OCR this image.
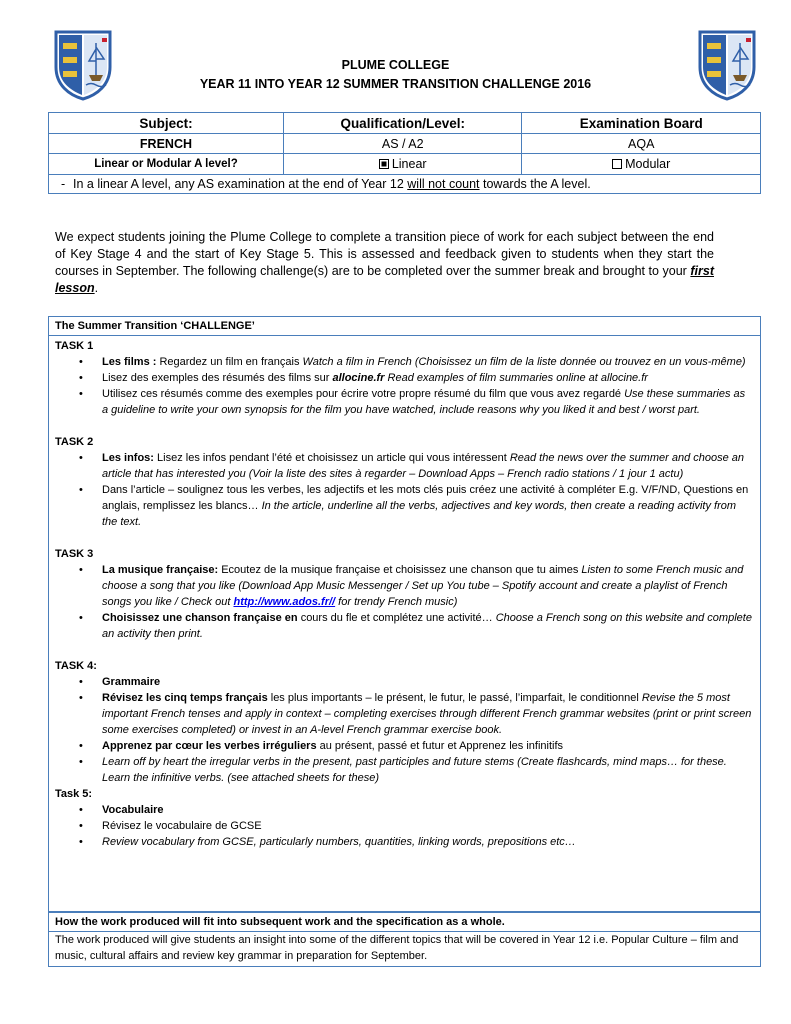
PLUME COLLEGE
YEAR 11 INTO YEAR 12 SUMMER TRANSITION CHALLENGE 2016
Subject:	Qualification/Level:	Examination Board
FRENCH	AS / A2	AQA
Linear or Modular A level?	Linear	Modular
- In a linear A level, any AS examination at the end of Year 12 will not count towards the A level.		

We expect students joining the Plume College to complete a transition piece of work for each subject between the end of Key Stage 4 and the start of Key Stage 5. This is assessed and feedback given to students when they start the courses in September. The following challenge(s) are to be completed over the summer break and brought to your first lesson.

The Summer Transition ‘CHALLENGE’
TASK 1
• Les films : Regardez un film en français Watch a film in French (Choisissez un film de la liste donnée ou trouvez en un vous-même)
• Lisez des exemples des résumés des films sur allocine.fr Read examples of film summaries online at allocine.fr
• Utilisez ces résumés comme des exemples pour écrire votre propre résumé du film que vous avez regardé Use these summaries as a guideline to write your own synopsis for the film you have watched, include reasons why you liked it and best / worst part.
TASK 2
• Les infos: Lisez les infos pendant l’été et choisissez un article qui vous intéressent Read the news over the summer and choose an article that has interested you (Voir la liste des sites à regarder – Download Apps – French radio stations / 1 jour 1 actu)
• Dans l’article – soulignez tous les verbes, les adjectifs et les mots clés puis créez une activité à compléter E.g. V/F/ND, Questions en anglais, remplissez les blancs… In the article, underline all the verbs, adjectives and key words, then create a reading activity from the text.
TASK 3
• La musique française: Ecoutez de la musique française et choisissez une chanson que tu aimes Listen to some French music and choose a song that you like (Download App Music Messenger / Set up You tube – Spotify account and create a playlist of French songs you like / Check out http://www.ados.fr// for trendy French music)
• Choisissez une chanson française en cours du fle et complétez une activité… Choose a French song on this website and complete an activity then print.
TASK 4:
• Grammaire
• Révisez les cinq temps français les plus importants – le présent, le futur, le passé, l’imparfait, le conditionnel Revise the 5 most important French tenses and apply in context – completing exercises through different French grammar websites (print or print screen some exercises completed) or invest in an A-level French grammar exercise book.
• Apprenez par cœur les verbes irréguliers au présent, passé et futur et Apprenez les infinitifs
• Learn off by heart the irregular verbs in the present, past participles and future stems (Create flashcards, mind maps… for these. Learn the infinitive verbs. (see attached sheets for these)
Task 5:
• Vocabulaire
• Révisez le vocabulaire de GCSE
• Review vocabulary from GCSE, particularly numbers, quantities, linking words, prepositions etc…
How the work produced will fit into subsequent work and the specification as a whole.
The work produced will give students an insight into some of the different topics that will be covered in Year 12 i.e. Popular Culture – film and music, cultural affairs and review key grammar in preparation for September.
